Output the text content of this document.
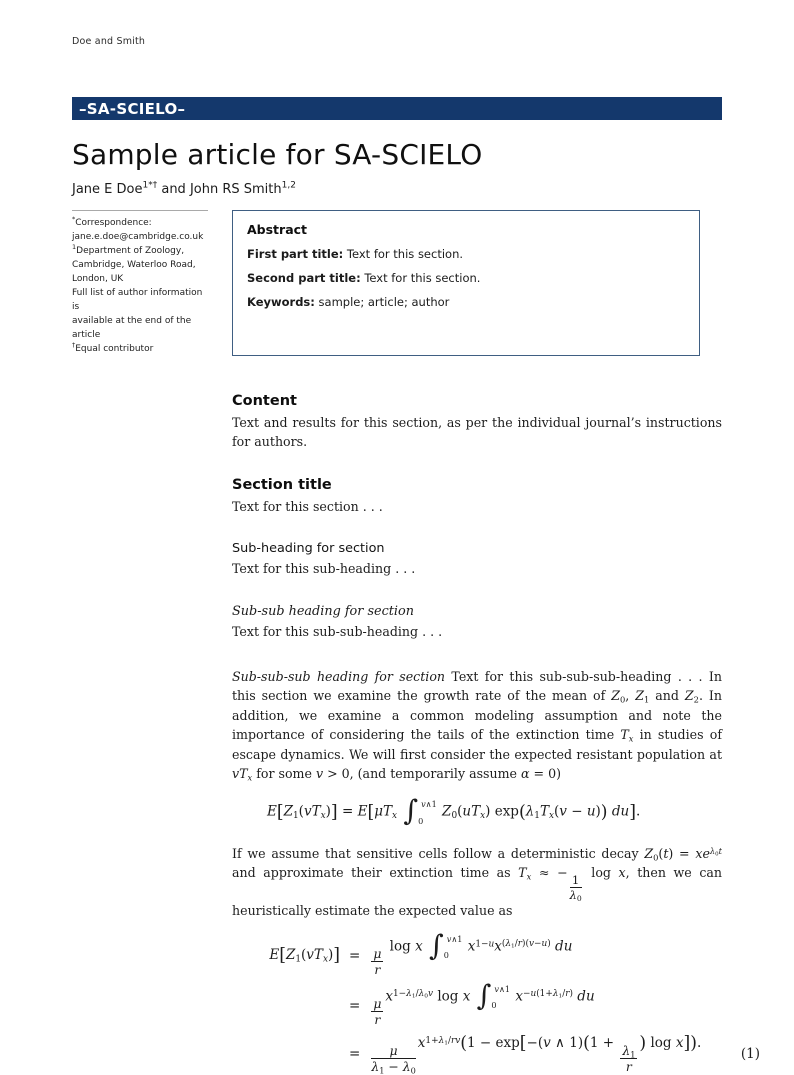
Doe and Smith
–SA-SCIELO–
Sample article for SA-SCIELO
Jane E Doe$^{1*\dagger}$ and John RS Smith$^{1,2}$
*Correspondence:
jane.e.doe@cambridge.co.uk
$^1$Department of Zoology,
Cambridge, Waterloo Road,
London, UK
Full list of author information is
available at the end of the article
†Equal contributor
Abstract
First part title: Text for this section.
Second part title: Text for this section.
Keywords: sample; article; author
Content

Text and results for this section, as per the individual journal’s instructions for authors.

Section title

Text for this section . . .

Sub-heading for section

Text for this sub-heading . . .

Sub-sub heading for section

Text for this sub-sub-heading . . .

Sub-sub-sub heading for section Text for this sub-sub-sub-heading . . . In this section we examine the growth rate of the mean of $Z_0$, $Z_1$ and $Z_2$. In addition, we examine a common modeling assumption and note the importance of considering the tails of the extinction time $T_x$ in studies of escape dynamics. We will first consider the expected resistant population at $vT_x$ for some v > 0, (and temporarily assume α = 0)

$E[Z_1(vT_x)] = E[\mu T_x$ ∫ v∧1
0
$Z_0(uT_x) \exp(\lambda_1T_x(v - u))$ du].

If we assume that sensitive cells follow a deterministic decay $Z_0(t) = xe^{\lambda_0t}$ and approximate their extinction time as $T_x$ ≈ −
$\frac{1}{\lambda_0}$
log x, then we can heuristically estimate the expected value as

$E[Z_1(vT_x)] = \frac{\mu}{r}$
log x ∫ v∧1
0
$x^{1-u}x^{(\lambda_1/r)(v-u)}$ du
= $\frac{\mu}{r}$
$x^{1-\lambda_1/\lambda_0v}$ log x ∫ v∧1
0
$x^{-u(1+\lambda_1/r)}$ du
= $\frac{\mu}{\lambda_1 - \lambda_0}$
$x^{1+\lambda_1/rv}(1 - \exp[-(v$ ∧ 1)(1 +
$\frac{\lambda_1}{r}$ ) log x]).
(1)
